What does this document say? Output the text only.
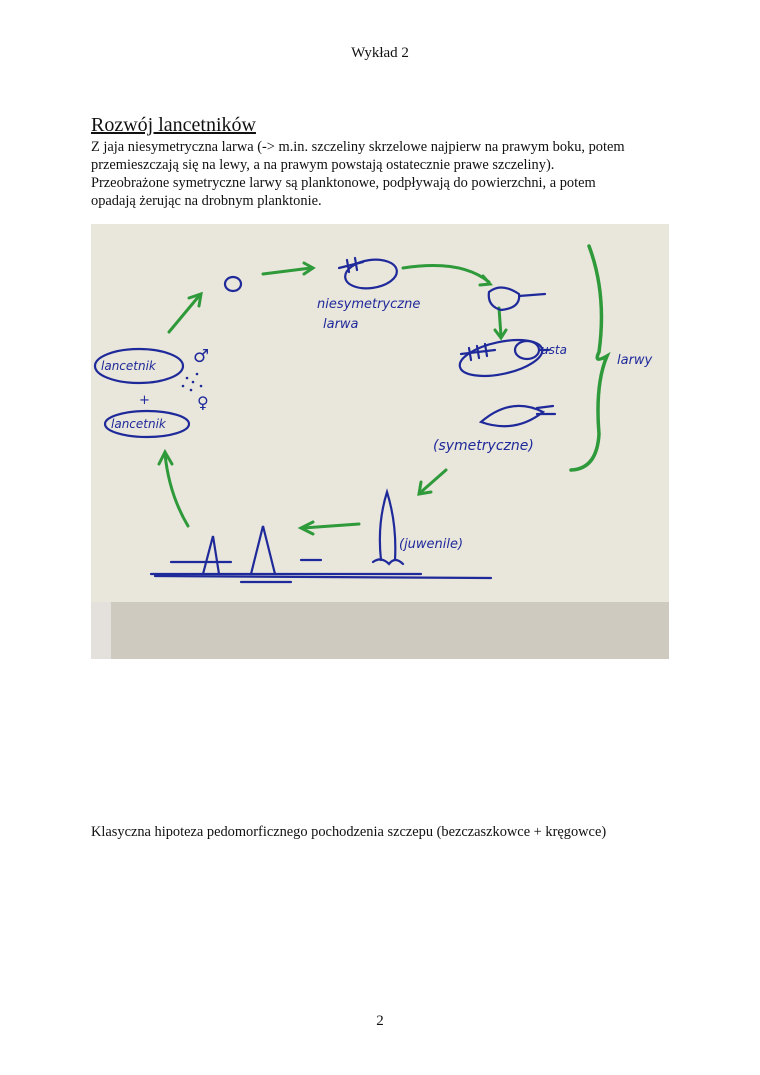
Wykład 2
Rozwój lancetników

Z jaja niesymetryczna larwa (-> m.in. szczeliny skrzelowe najpierw na prawym boku, potem
przemieszczają się na lewy, a na prawym powstają ostatecznie prawe szczeliny).
Przeobrażone symetryczne larwy są planktonowe, podpływają do powierzchni, a potem
opadają żerując na drobnym planktonie.

niesymetryczne
larwa
usta
larwy
(symetryczne)
(juwenile)
lancetnik ♂
+
lancetnik
♀
Klasyczna hipoteza pedomorficznego pochodzenia szczepu (bezczaszkowce + kręgowce)
2
